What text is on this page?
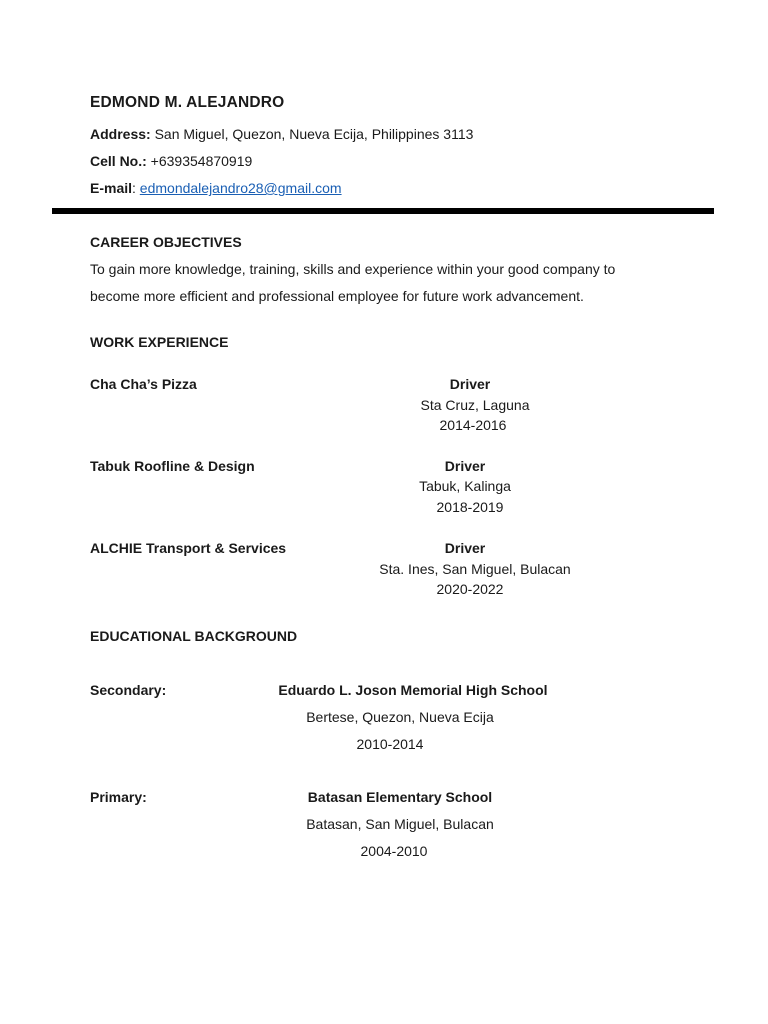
EDMOND M. ALEJANDRO
Address: San Miguel, Quezon, Nueva Ecija, Philippines 3113
Cell No.: +639354870919
E-mail: edmondalejandro28@gmail.com
CAREER OBJECTIVES
To gain more knowledge, training, skills and experience within your good company to
become more efficient and professional employee for future work advancement.
WORK EXPERIENCE
Cha Cha’s Pizza	Driver
Sta Cruz, Laguna
2014-2016
Tabuk Roofline & Design	Driver
Tabuk, Kalinga
2018-2019
ALCHIE Transport & Services	Driver
Sta. Ines, San Miguel, Bulacan
2020-2022
EDUCATIONAL BACKGROUND
Secondary:	Eduardo L. Joson Memorial High School
Bertese, Quezon, Nueva Ecija
2010-2014
Primary:	Batasan Elementary School
Batasan, San Miguel, Bulacan
2004-2010
